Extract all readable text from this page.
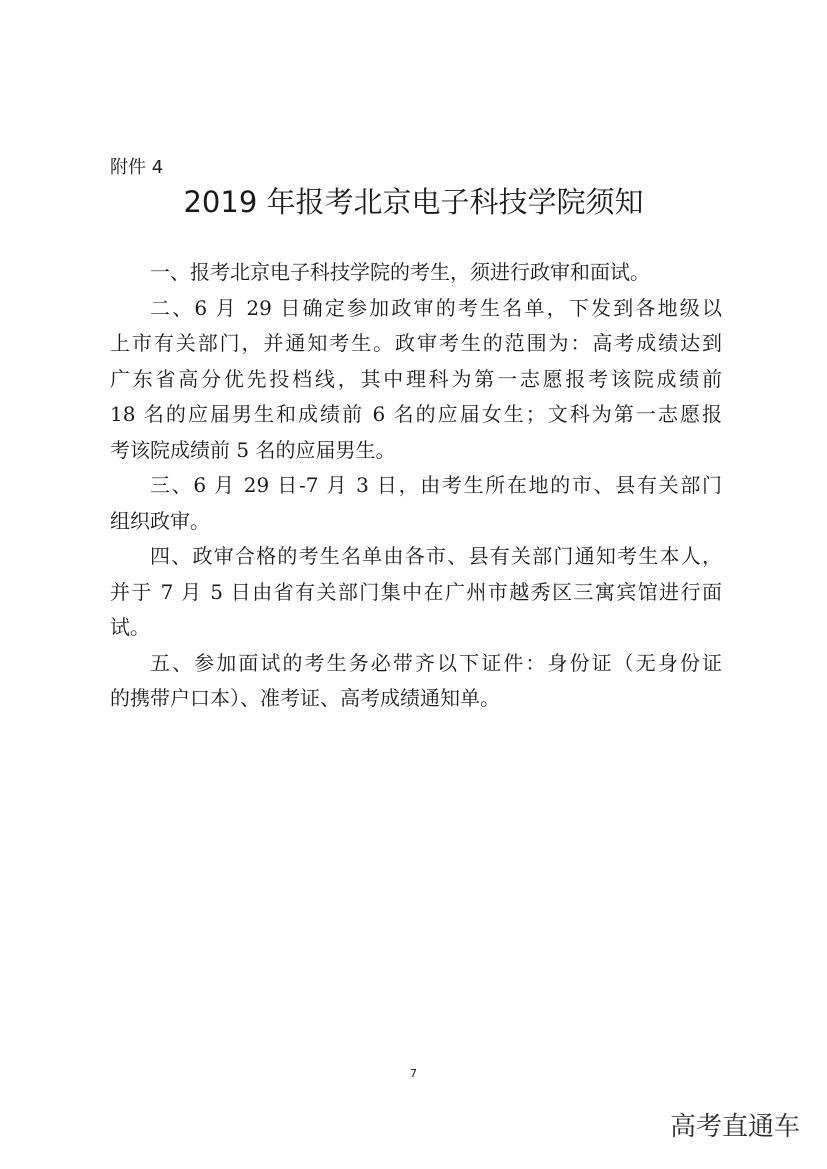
附件 4
2019 年报考北京电子科技学院须知
一、报考北京电子科技学院的考生，须进行政审和面试。
二、6 月 29 日确定参加政审的考生名单，下发到各地级以
上市有关部门，并通知考生。政审考生的范围为：高考成绩达到
广东省高分优先投档线，其中理科为第一志愿报考该院成绩前
18 名的应届男生和成绩前 6 名的应届女生；文科为第一志愿报
考该院成绩前 5 名的应届男生。
三、6 月 29 日-7 月 3 日，由考生所在地的市、县有关部门
组织政审。
四、政审合格的考生名单由各市、县有关部门通知考生本人，
并于 7 月 5 日由省有关部门集中在广州市越秀区三寓宾馆进行面
试。
五、参加面试的考生务必带齐以下证件：身份证（无身份证
的携带户口本）、准考证、高考成绩通知单。
7
高考直通车
